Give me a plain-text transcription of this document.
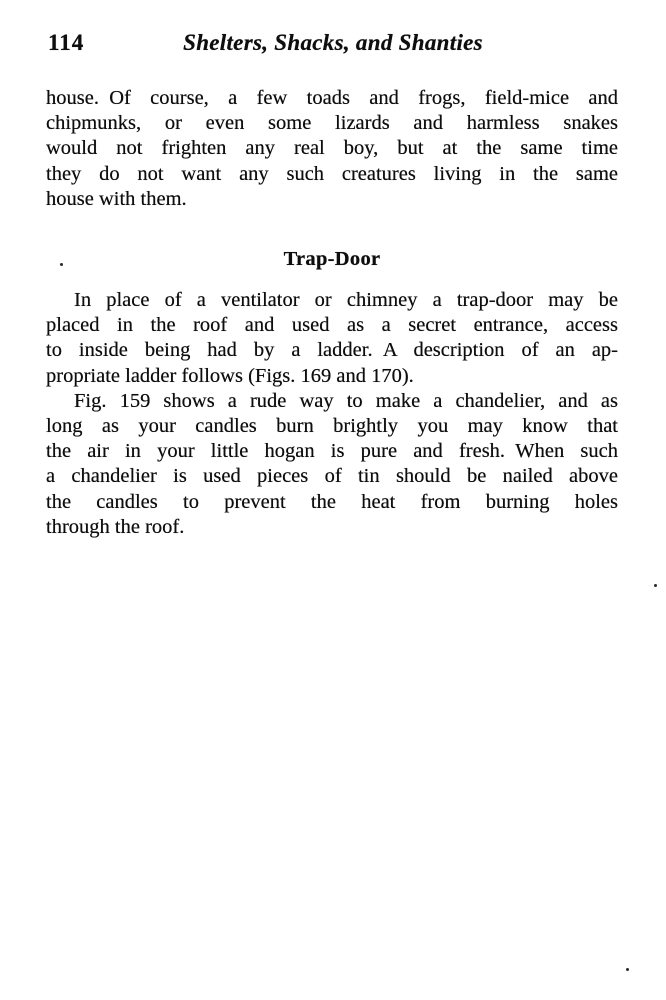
114	Shelters, Shacks, and Shanties
house. Of course, a few toads and frogs, field-mice and
chipmunks, or even some lizards and harmless snakes
would not frighten any real boy, but at the same time
they do not want any such creatures living in the same
house with them.
Trap-Door
In place of a ventilator or chimney a trap-door may be
placed in the roof and used as a secret entrance, access
to inside being had by a ladder. A description of an ap-
propriate ladder follows (Figs. 169 and 170).
Fig. 159 shows a rude way to make a chandelier, and as
long as your candles burn brightly you may know that
the air in your little hogan is pure and fresh. When such
a chandelier is used pieces of tin should be nailed above
the candles to prevent the heat from burning holes
through the roof.
